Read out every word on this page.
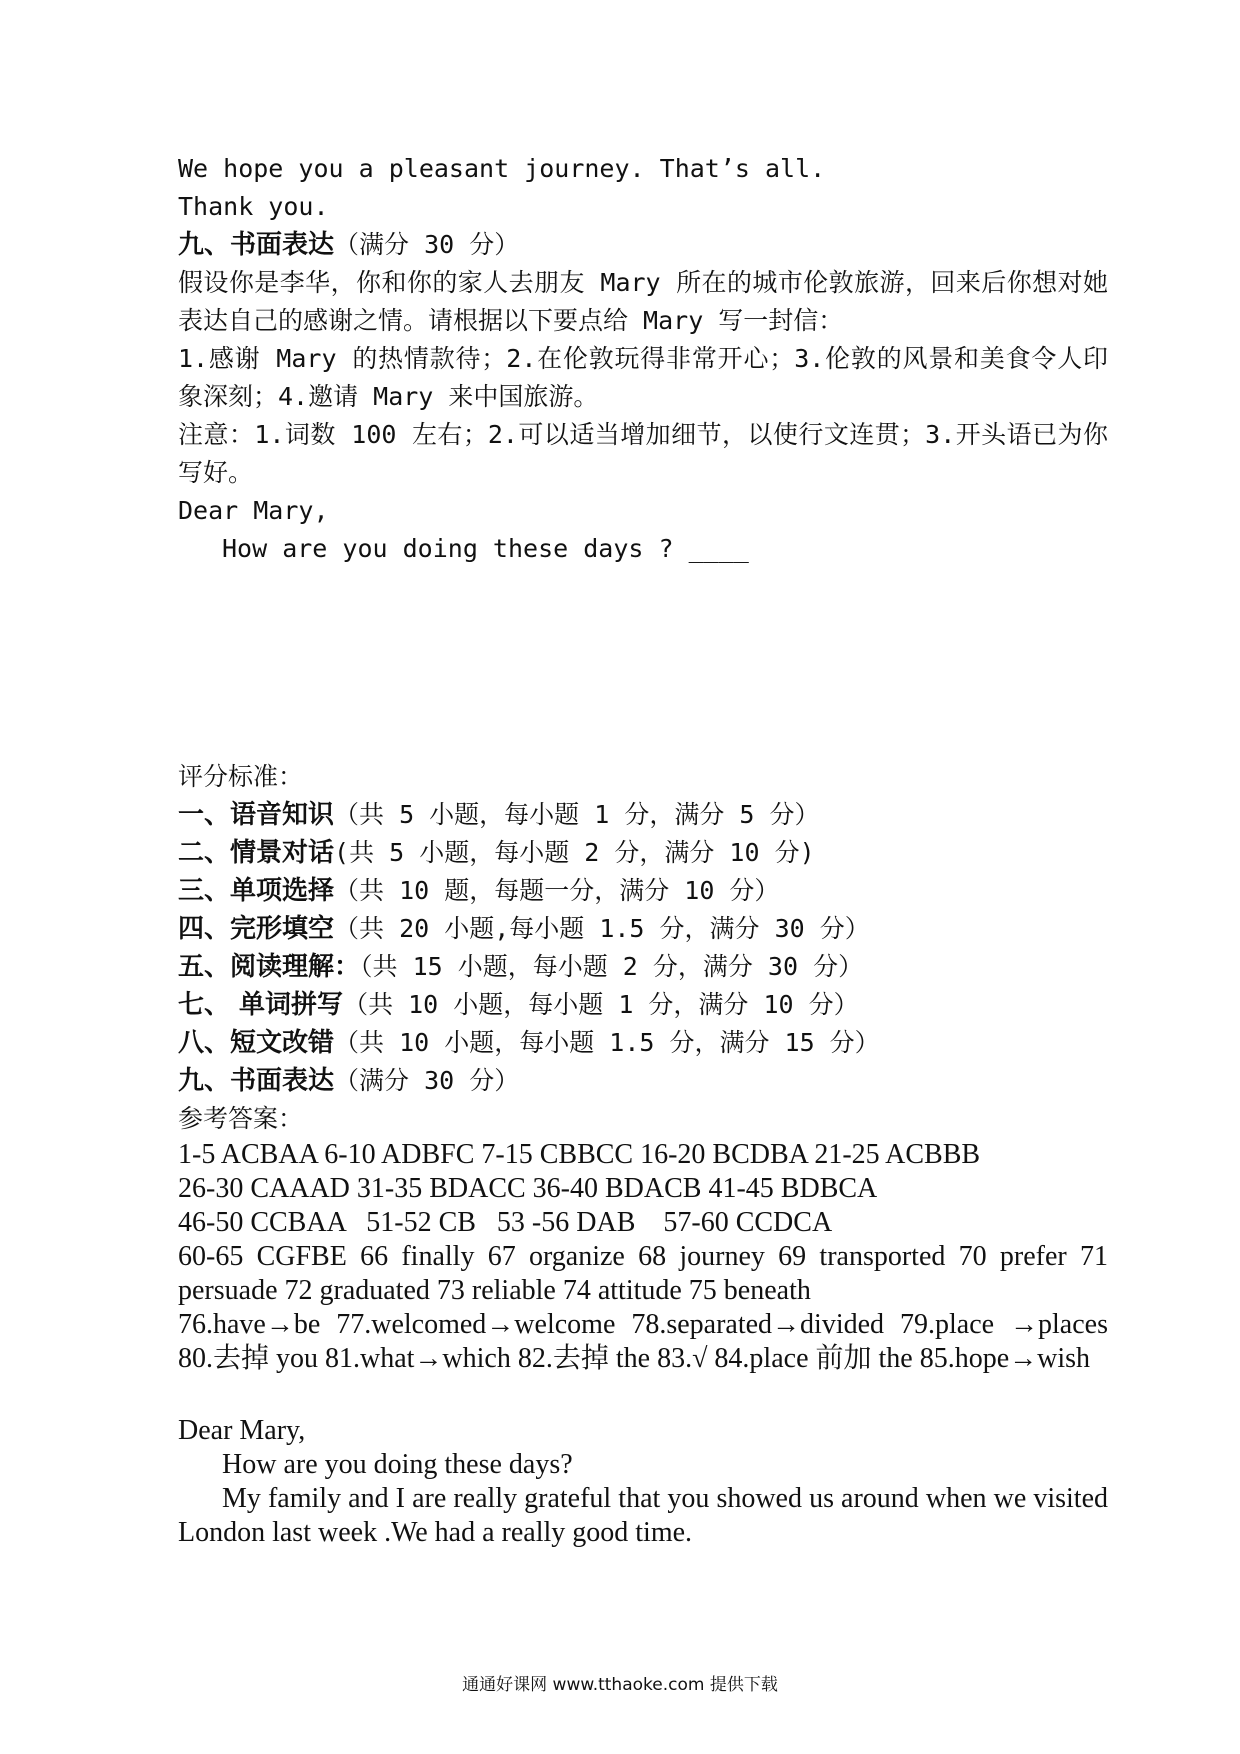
We hope you a pleasant journey. That’s all.
Thank you.
九、书面表达（满分 30 分）
假设你是李华，你和你的家人去朋友 Mary 所在的城市伦敦旅游，回来后你想对她表达自己的感谢之情。请根据以下要点给 Mary 写一封信：
1.感谢 Mary 的热情款待；2.在伦敦玩得非常开心；3.伦敦的风景和美食令人印象深刻；4.邀请 Mary 来中国旅游。
注意：1.词数 100 左右；2.可以适当增加细节，以使行文连贯；3.开头语已为你写好。
Dear Mary,
How are you doing these days ? ____
评分标准：
一、语音知识（共 5 小题，每小题 1 分，满分 5 分）
二、情景对话(共 5 小题，每小题 2 分，满分 10 分)
三、单项选择（共 10 题，每题一分，满分 10 分）
四、完形填空（共 20 小题,每小题 1.5 分，满分 30 分）
五、阅读理解：（共 15 小题，每小题 2 分，满分 30 分）
七、 单词拼写（共 10 小题，每小题 1 分，满分 10 分）
八、短文改错（共 10 小题，每小题 1.5 分，满分 15 分）
九、书面表达（满分 30 分）
参考答案：
1-5 ACBAA 6-10 ADBFC 7-15 CBBCC 16-20 BCDBA 21-25 ACBBB
26-30 CAAAD 31-35 BDACC 36-40 BDACB 41-45 BDBCA
46-50 CCBAA   51-52 CB   53 -56 DAB    57-60 CCDCA
60-65 CGFBE 66 finally 67 organize 68 journey 69 transported 70 prefer 71 persuade 72 graduated 73 reliable 74 attitude 75 beneath
76.have→be 77.welcomed→welcome 78.separated→divided 79.place →places 80.去掉 you 81.what→which 82.去掉 the 83.√ 84.place 前加 the 85.hope→wish
Dear Mary,
How are you doing these days?
My family and I are really grateful that you showed us around when we visited London last week .We had a really good time.
通通好课网 www.tthaoke.com 提供下载
